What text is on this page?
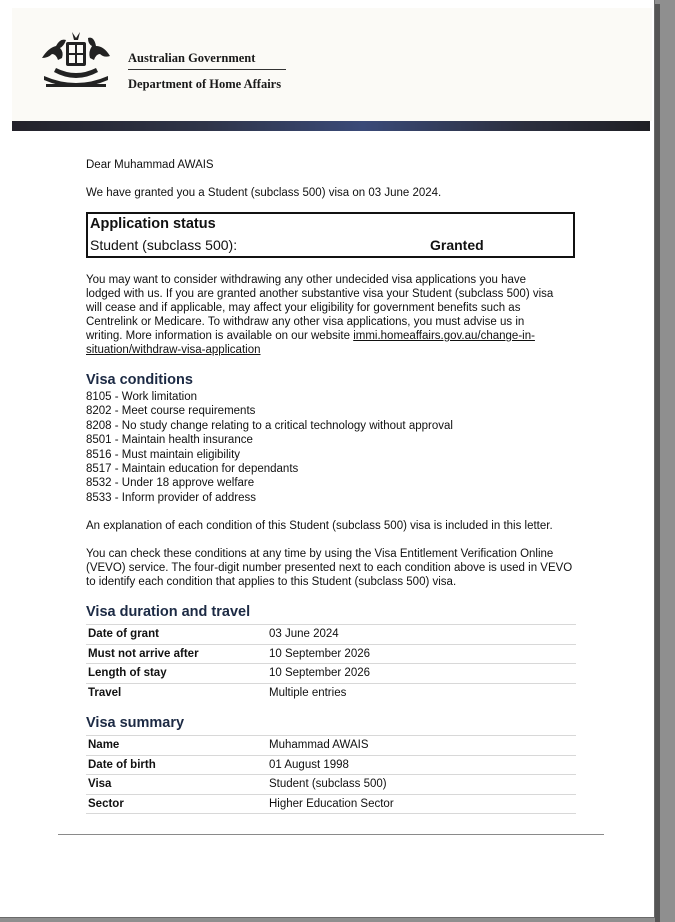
Australian Government
Department of Home Affairs
Dear Muhammad AWAIS
We have granted you a Student (subclass 500) visa on 03 June 2024.
Application status
Student (subclass 500):	Granted
You may want to consider withdrawing any other undecided visa applications you have lodged with us. If you are granted another substantive visa your Student (subclass 500) visa will cease and if applicable, may affect your eligibility for government benefits such as Centrelink or Medicare. To withdraw any other visa applications, you must advise us in writing. More information is available on our website immi.homeaffairs.gov.au/change-in-situation/withdraw-visa-application
Visa conditions
8105 - Work limitation
8202 - Meet course requirements
8208 - No study change relating to a critical technology without approval
8501 - Maintain health insurance
8516 - Must maintain eligibility
8517 - Maintain education for dependants
8532 - Under 18 approve welfare
8533 - Inform provider of address
An explanation of each condition of this Student (subclass 500) visa is included in this letter.
You can check these conditions at any time by using the Visa Entitlement Verification Online (VEVO) service. The four-digit number presented next to each condition above is used in VEVO to identify each condition that applies to this Student (subclass 500) visa.
Visa duration and travel
Date of grant	03 June 2024
Must not arrive after	10 September 2026
Length of stay	10 September 2026
Travel	Multiple entries
Visa summary
Name	Muhammad AWAIS
Date of birth	01 August 1998
Visa	Student (subclass 500)
Sector	Higher Education Sector
